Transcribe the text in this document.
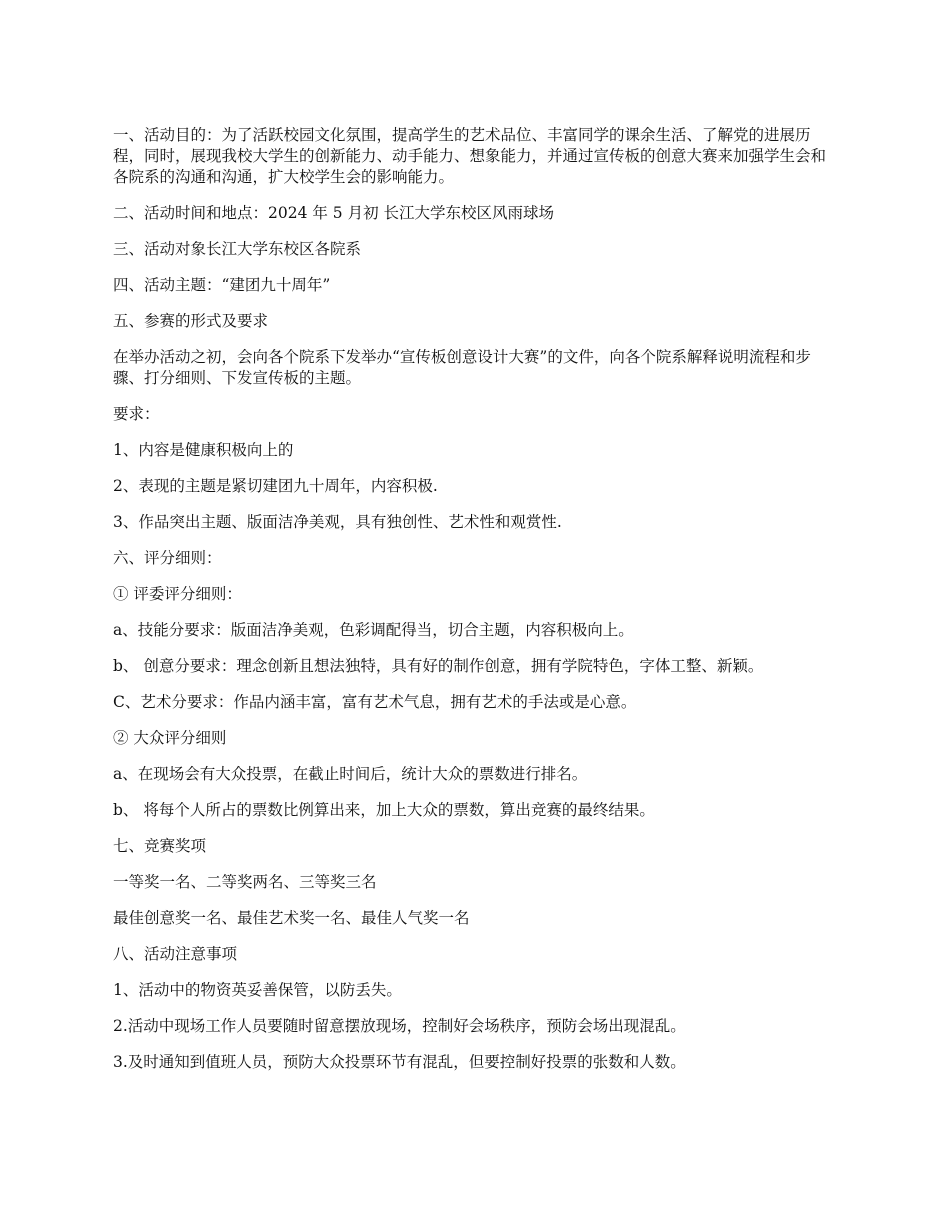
一、活动目的：为了活跃校园文化氛围，提高学生的艺术品位、丰富同学的课余生活、了解党的进展历程，同时，展现我校大学生的创新能力、动手能力、想象能力，并通过宣传板的创意大赛来加强学生会和各院系的沟通和沟通，扩大校学生会的影响能力。

二、活动时间和地点：2024 年 5 月初 长江大学东校区风雨球场

三、活动对象长江大学东校区各院系

四、活动主题：“建团九十周年”

五、参赛的形式及要求

在举办活动之初，会向各个院系下发举办“宣传板创意设计大赛”的文件，向各个院系解释说明流程和步骤、打分细则、下发宣传板的主题。

要求：

1、内容是健康积极向上的

2、表现的主题是紧切建团九十周年，内容积极.

3、作品突出主题、版面洁净美观，具有独创性、艺术性和观赏性.

六、评分细则：

① 评委评分细则：

a、技能分要求：版面洁净美观，色彩调配得当，切合主题，内容积极向上。

b、 创意分要求：理念创新且想法独特，具有好的制作创意，拥有学院特色，字体工整、新颖。

C、艺术分要求：作品内涵丰富，富有艺术气息，拥有艺术的手法或是心意。

② 大众评分细则

a、在现场会有大众投票，在截止时间后，统计大众的票数进行排名。

b、 将每个人所占的票数比例算出来，加上大众的票数，算出竞赛的最终结果。

七、竞赛奖项

一等奖一名、二等奖两名、三等奖三名

最佳创意奖一名、最佳艺术奖一名、最佳人气奖一名

八、活动注意事项

1、活动中的物资英妥善保管，以防丢失。

2.活动中现场工作人员要随时留意摆放现场，控制好会场秩序，预防会场出现混乱。

3.及时通知到值班人员，预防大众投票环节有混乱，但要控制好投票的张数和人数。
